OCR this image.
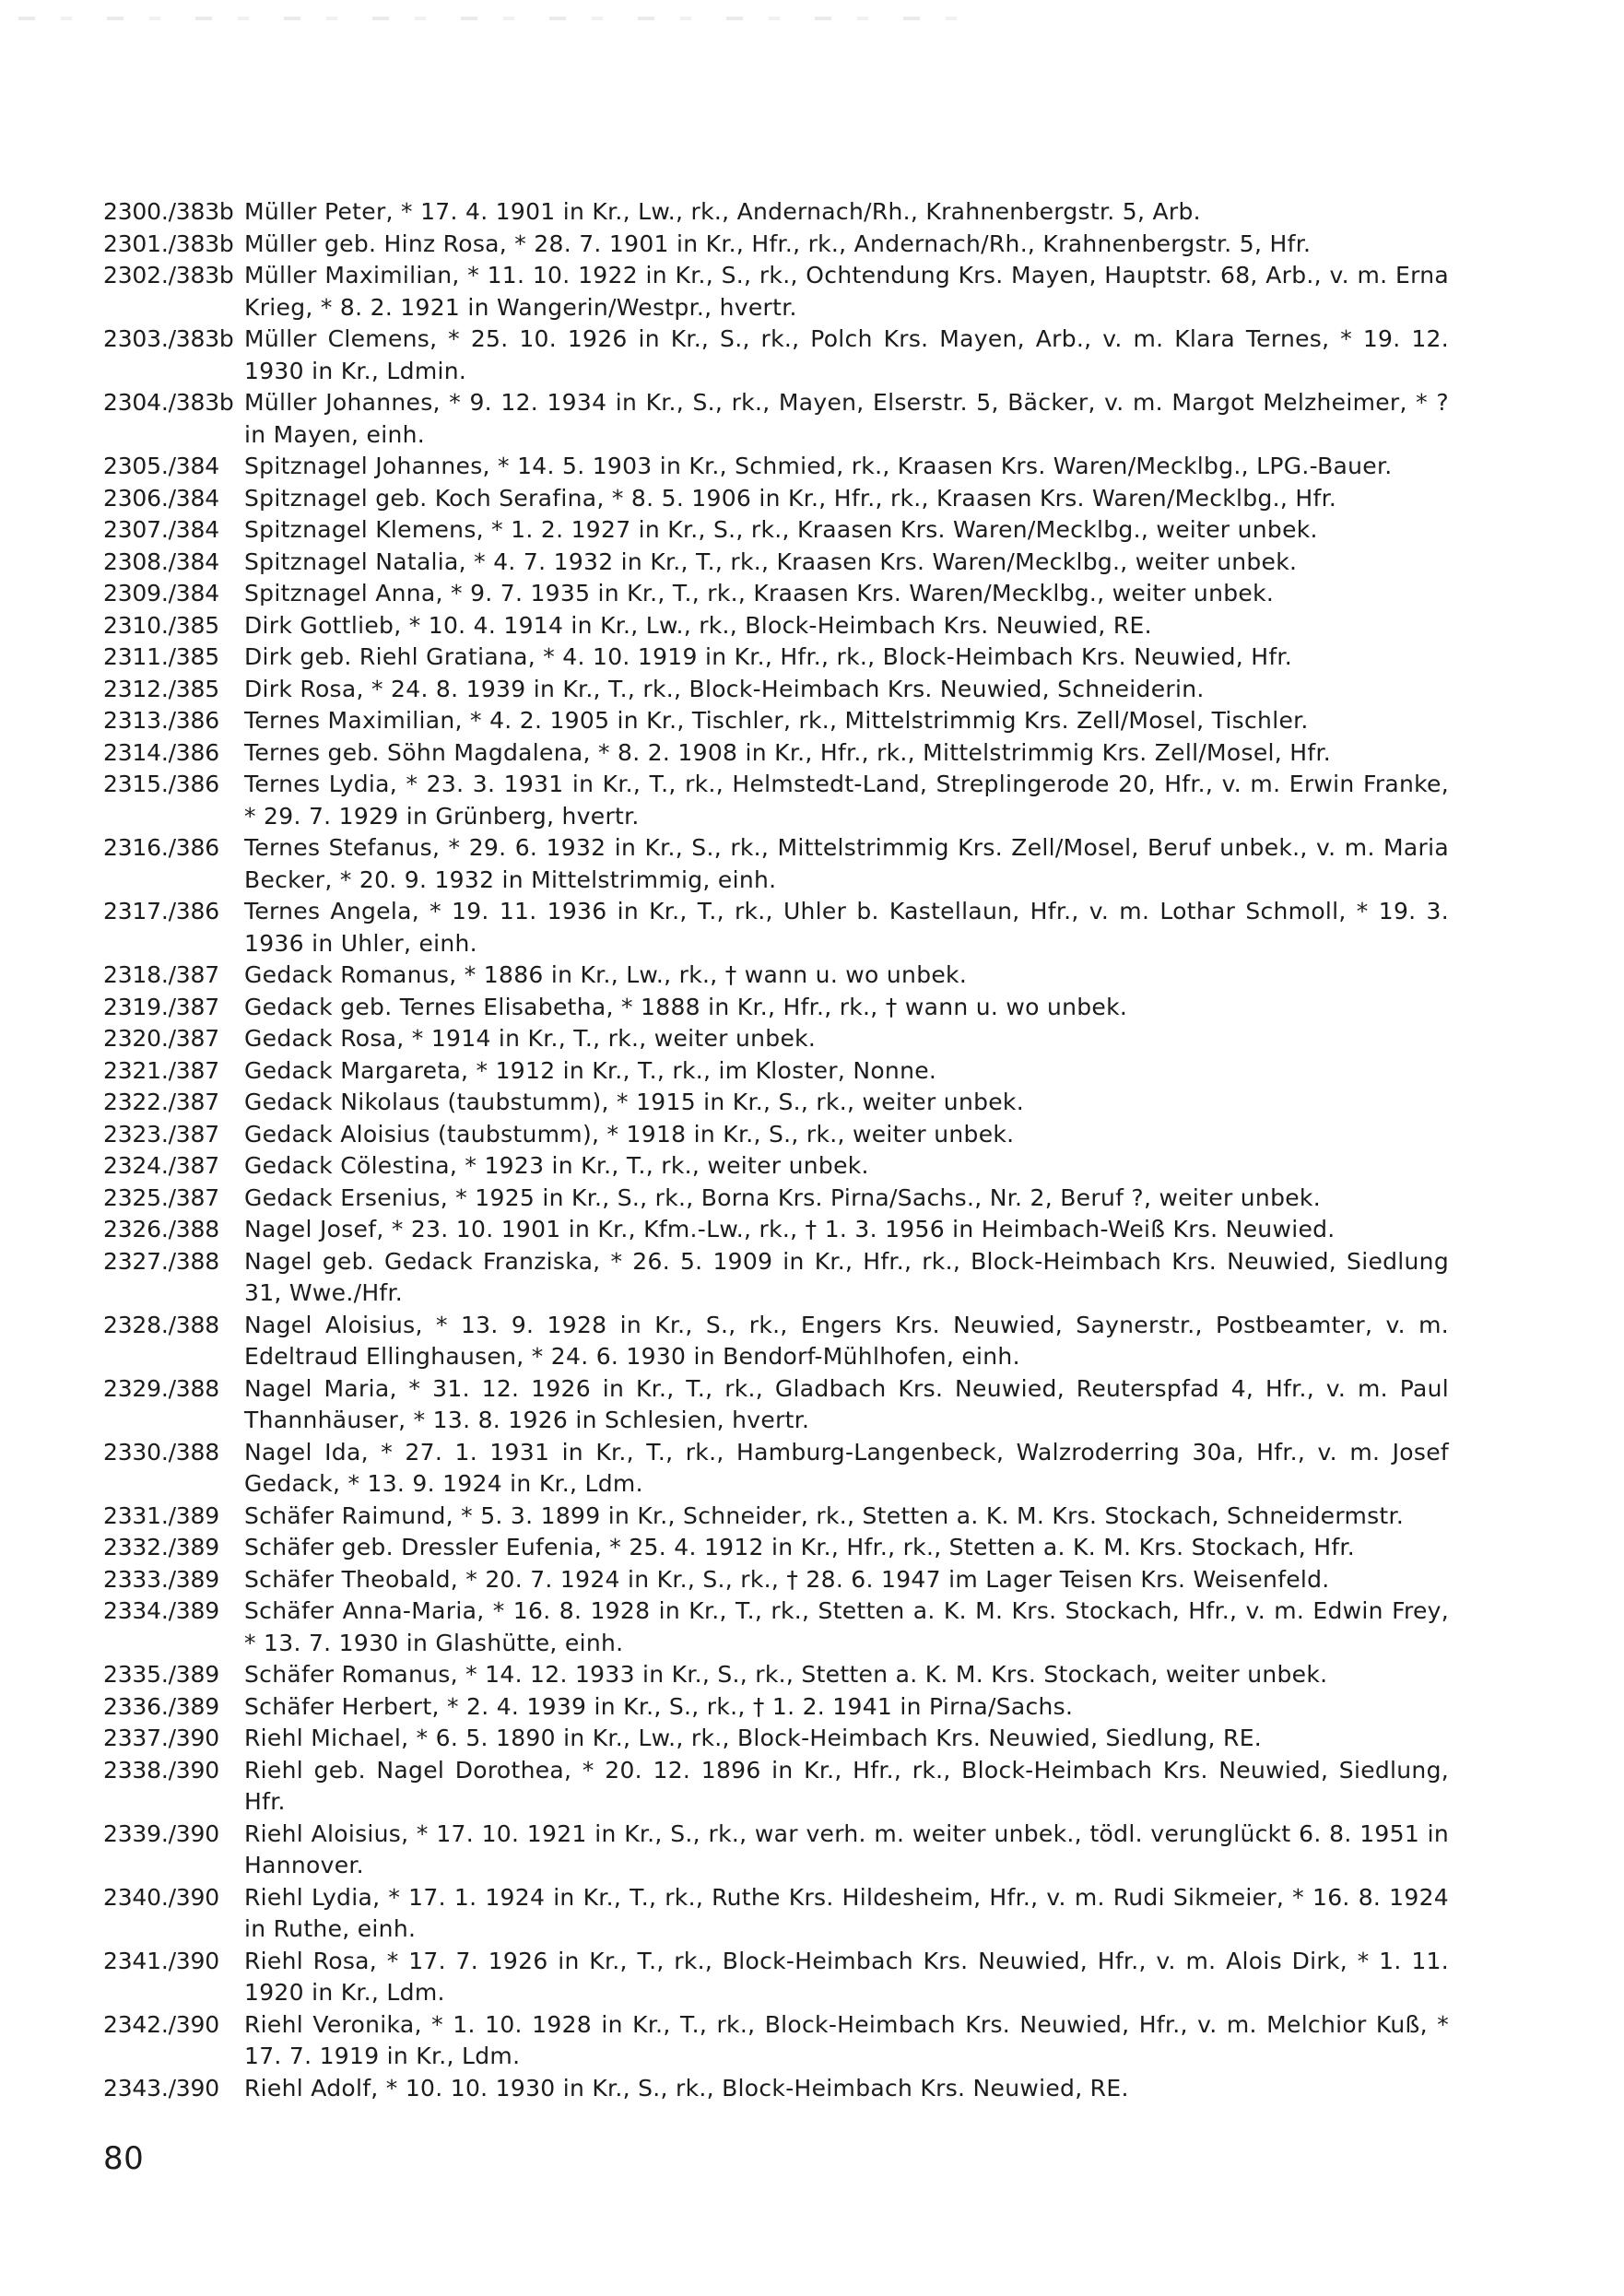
2300./383b Müller Peter, * 17. 4. 1901 in Kr., Lw., rk., Andernach/Rh., Krahnenbergstr. 5, Arb.
2301./383b Müller geb. Hinz Rosa, * 28. 7. 1901 in Kr., Hfr., rk., Andernach/Rh., Krahnenbergstr. 5, Hfr.
2302./383b Müller Maximilian, * 11. 10. 1922 in Kr., S., rk., Ochtendung Krs. Mayen, Hauptstr. 68, Arb., v. m. Erna Krieg, * 8. 2. 1921 in Wangerin/Westpr., hvertr.
2303./383b Müller Clemens, * 25. 10. 1926 in Kr., S., rk., Polch Krs. Mayen, Arb., v. m. Klara Ternes, * 19. 12. 1930 in Kr., Ldmin.
2304./383b Müller Johannes, * 9. 12. 1934 in Kr., S., rk., Mayen, Elserstr. 5, Bäcker, v. m. Margot Melzheimer, * ? in Mayen, einh.
2305./384	Spitznagel Johannes, * 14. 5. 1903 in Kr., Schmied, rk., Kraasen Krs. Waren/Mecklbg., LPG.-Bauer.
2306./384	Spitznagel geb. Koch Serafina, * 8. 5. 1906 in Kr., Hfr., rk., Kraasen Krs. Waren/Mecklbg., Hfr.
2307./384	Spitznagel Klemens, * 1. 2. 1927 in Kr., S., rk., Kraasen Krs. Waren/Mecklbg., weiter unbek.
2308./384	Spitznagel Natalia, * 4. 7. 1932 in Kr., T., rk., Kraasen Krs. Waren/Mecklbg., weiter unbek.
2309./384	Spitznagel Anna, * 9. 7. 1935 in Kr., T., rk., Kraasen Krs. Waren/Mecklbg., weiter unbek.
2310./385	Dirk Gottlieb, * 10. 4. 1914 in Kr., Lw., rk., Block-Heimbach Krs. Neuwied, RE.
2311./385	Dirk geb. Riehl Gratiana, * 4. 10. 1919 in Kr., Hfr., rk., Block-Heimbach Krs. Neuwied, Hfr.
2312./385	Dirk Rosa, * 24. 8. 1939 in Kr., T., rk., Block-Heimbach Krs. Neuwied, Schneiderin.
2313./386	Ternes Maximilian, * 4. 2. 1905 in Kr., Tischler, rk., Mittelstrimmig Krs. Zell/Mosel, Tischler.
2314./386	Ternes geb. Söhn Magdalena, * 8. 2. 1908 in Kr., Hfr., rk., Mittelstrimmig Krs. Zell/Mosel, Hfr.
2315./386	Ternes Lydia, * 23. 3. 1931 in Kr., T., rk., Helmstedt-Land, Streplingerode 20, Hfr., v. m. Erwin Franke, * 29. 7. 1929 in Grünberg, hvertr.
2316./386	Ternes Stefanus, * 29. 6. 1932 in Kr., S., rk., Mittelstrimmig Krs. Zell/Mosel, Beruf unbek., v. m. Maria Becker, * 20. 9. 1932 in Mittelstrimmig, einh.
2317./386	Ternes Angela, * 19. 11. 1936 in Kr., T., rk., Uhler b. Kastellaun, Hfr., v. m. Lothar Schmoll, * 19. 3. 1936 in Uhler, einh.
2318./387	Gedack Romanus, * 1886 in Kr., Lw., rk., † wann u. wo unbek.
2319./387	Gedack geb. Ternes Elisabetha, * 1888 in Kr., Hfr., rk., † wann u. wo unbek.
2320./387	Gedack Rosa, * 1914 in Kr., T., rk., weiter unbek.
2321./387	Gedack Margareta, * 1912 in Kr., T., rk., im Kloster, Nonne.
2322./387	Gedack Nikolaus (taubstumm), * 1915 in Kr., S., rk., weiter unbek.
2323./387	Gedack Aloisius (taubstumm), * 1918 in Kr., S., rk., weiter unbek.
2324./387	Gedack Cölestina, * 1923 in Kr., T., rk., weiter unbek.
2325./387	Gedack Ersenius, * 1925 in Kr., S., rk., Borna Krs. Pirna/Sachs., Nr. 2, Beruf ?, weiter unbek.
2326./388	Nagel Josef, * 23. 10. 1901 in Kr., Kfm.-Lw., rk., † 1. 3. 1956 in Heimbach-Weiß Krs. Neuwied.
2327./388	Nagel geb. Gedack Franziska, * 26. 5. 1909 in Kr., Hfr., rk., Block-Heimbach Krs. Neuwied, Siedlung 31, Wwe./Hfr.
2328./388	Nagel Aloisius, * 13. 9. 1928 in Kr., S., rk., Engers Krs. Neuwied, Saynerstr., Postbeamter, v. m. Edeltraud Ellinghausen, * 24. 6. 1930 in Bendorf-Mühlhofen, einh.
2329./388	Nagel Maria, * 31. 12. 1926 in Kr., T., rk., Gladbach Krs. Neuwied, Reuterspfad 4, Hfr., v. m. Paul Thannhäuser, * 13. 8. 1926 in Schlesien, hvertr.
2330./388	Nagel Ida, * 27. 1. 1931 in Kr., T., rk., Hamburg-Langenbeck, Walzroderring 30a, Hfr., v. m. Josef Gedack, * 13. 9. 1924 in Kr., Ldm.
2331./389	Schäfer Raimund, * 5. 3. 1899 in Kr., Schneider, rk., Stetten a. K. M. Krs. Stockach, Schneidermstr.
2332./389	Schäfer geb. Dressler Eufenia, * 25. 4. 1912 in Kr., Hfr., rk., Stetten a. K. M. Krs. Stockach, Hfr.
2333./389	Schäfer Theobald, * 20. 7. 1924 in Kr., S., rk., † 28. 6. 1947 im Lager Teisen Krs. Weisenfeld.
2334./389	Schäfer Anna-Maria, * 16. 8. 1928 in Kr., T., rk., Stetten a. K. M. Krs. Stockach, Hfr., v. m. Edwin Frey, * 13. 7. 1930 in Glashütte, einh.
2335./389	Schäfer Romanus, * 14. 12. 1933 in Kr., S., rk., Stetten a. K. M. Krs. Stockach, weiter unbek.
2336./389	Schäfer Herbert, * 2. 4. 1939 in Kr., S., rk., † 1. 2. 1941 in Pirna/Sachs.
2337./390	Riehl Michael, * 6. 5. 1890 in Kr., Lw., rk., Block-Heimbach Krs. Neuwied, Siedlung, RE.
2338./390	Riehl geb. Nagel Dorothea, * 20. 12. 1896 in Kr., Hfr., rk., Block-Heimbach Krs. Neuwied, Siedlung, Hfr.
2339./390	Riehl Aloisius, * 17. 10. 1921 in Kr., S., rk., war verh. m. weiter unbek., tödl. verunglückt 6. 8. 1951 in Hannover.
2340./390	Riehl Lydia, * 17. 1. 1924 in Kr., T., rk., Ruthe Krs. Hildesheim, Hfr., v. m. Rudi Sikmeier, * 16. 8. 1924 in Ruthe, einh.
2341./390	Riehl Rosa, * 17. 7. 1926 in Kr., T., rk., Block-Heimbach Krs. Neuwied, Hfr., v. m. Alois Dirk, * 1. 11. 1920 in Kr., Ldm.
2342./390	Riehl Veronika, * 1. 10. 1928 in Kr., T., rk., Block-Heimbach Krs. Neuwied, Hfr., v. m. Melchior Kuß, * 17. 7. 1919 in Kr., Ldm.
2343./390	Riehl Adolf, * 10. 10. 1930 in Kr., S., rk., Block-Heimbach Krs. Neuwied, RE.
80
